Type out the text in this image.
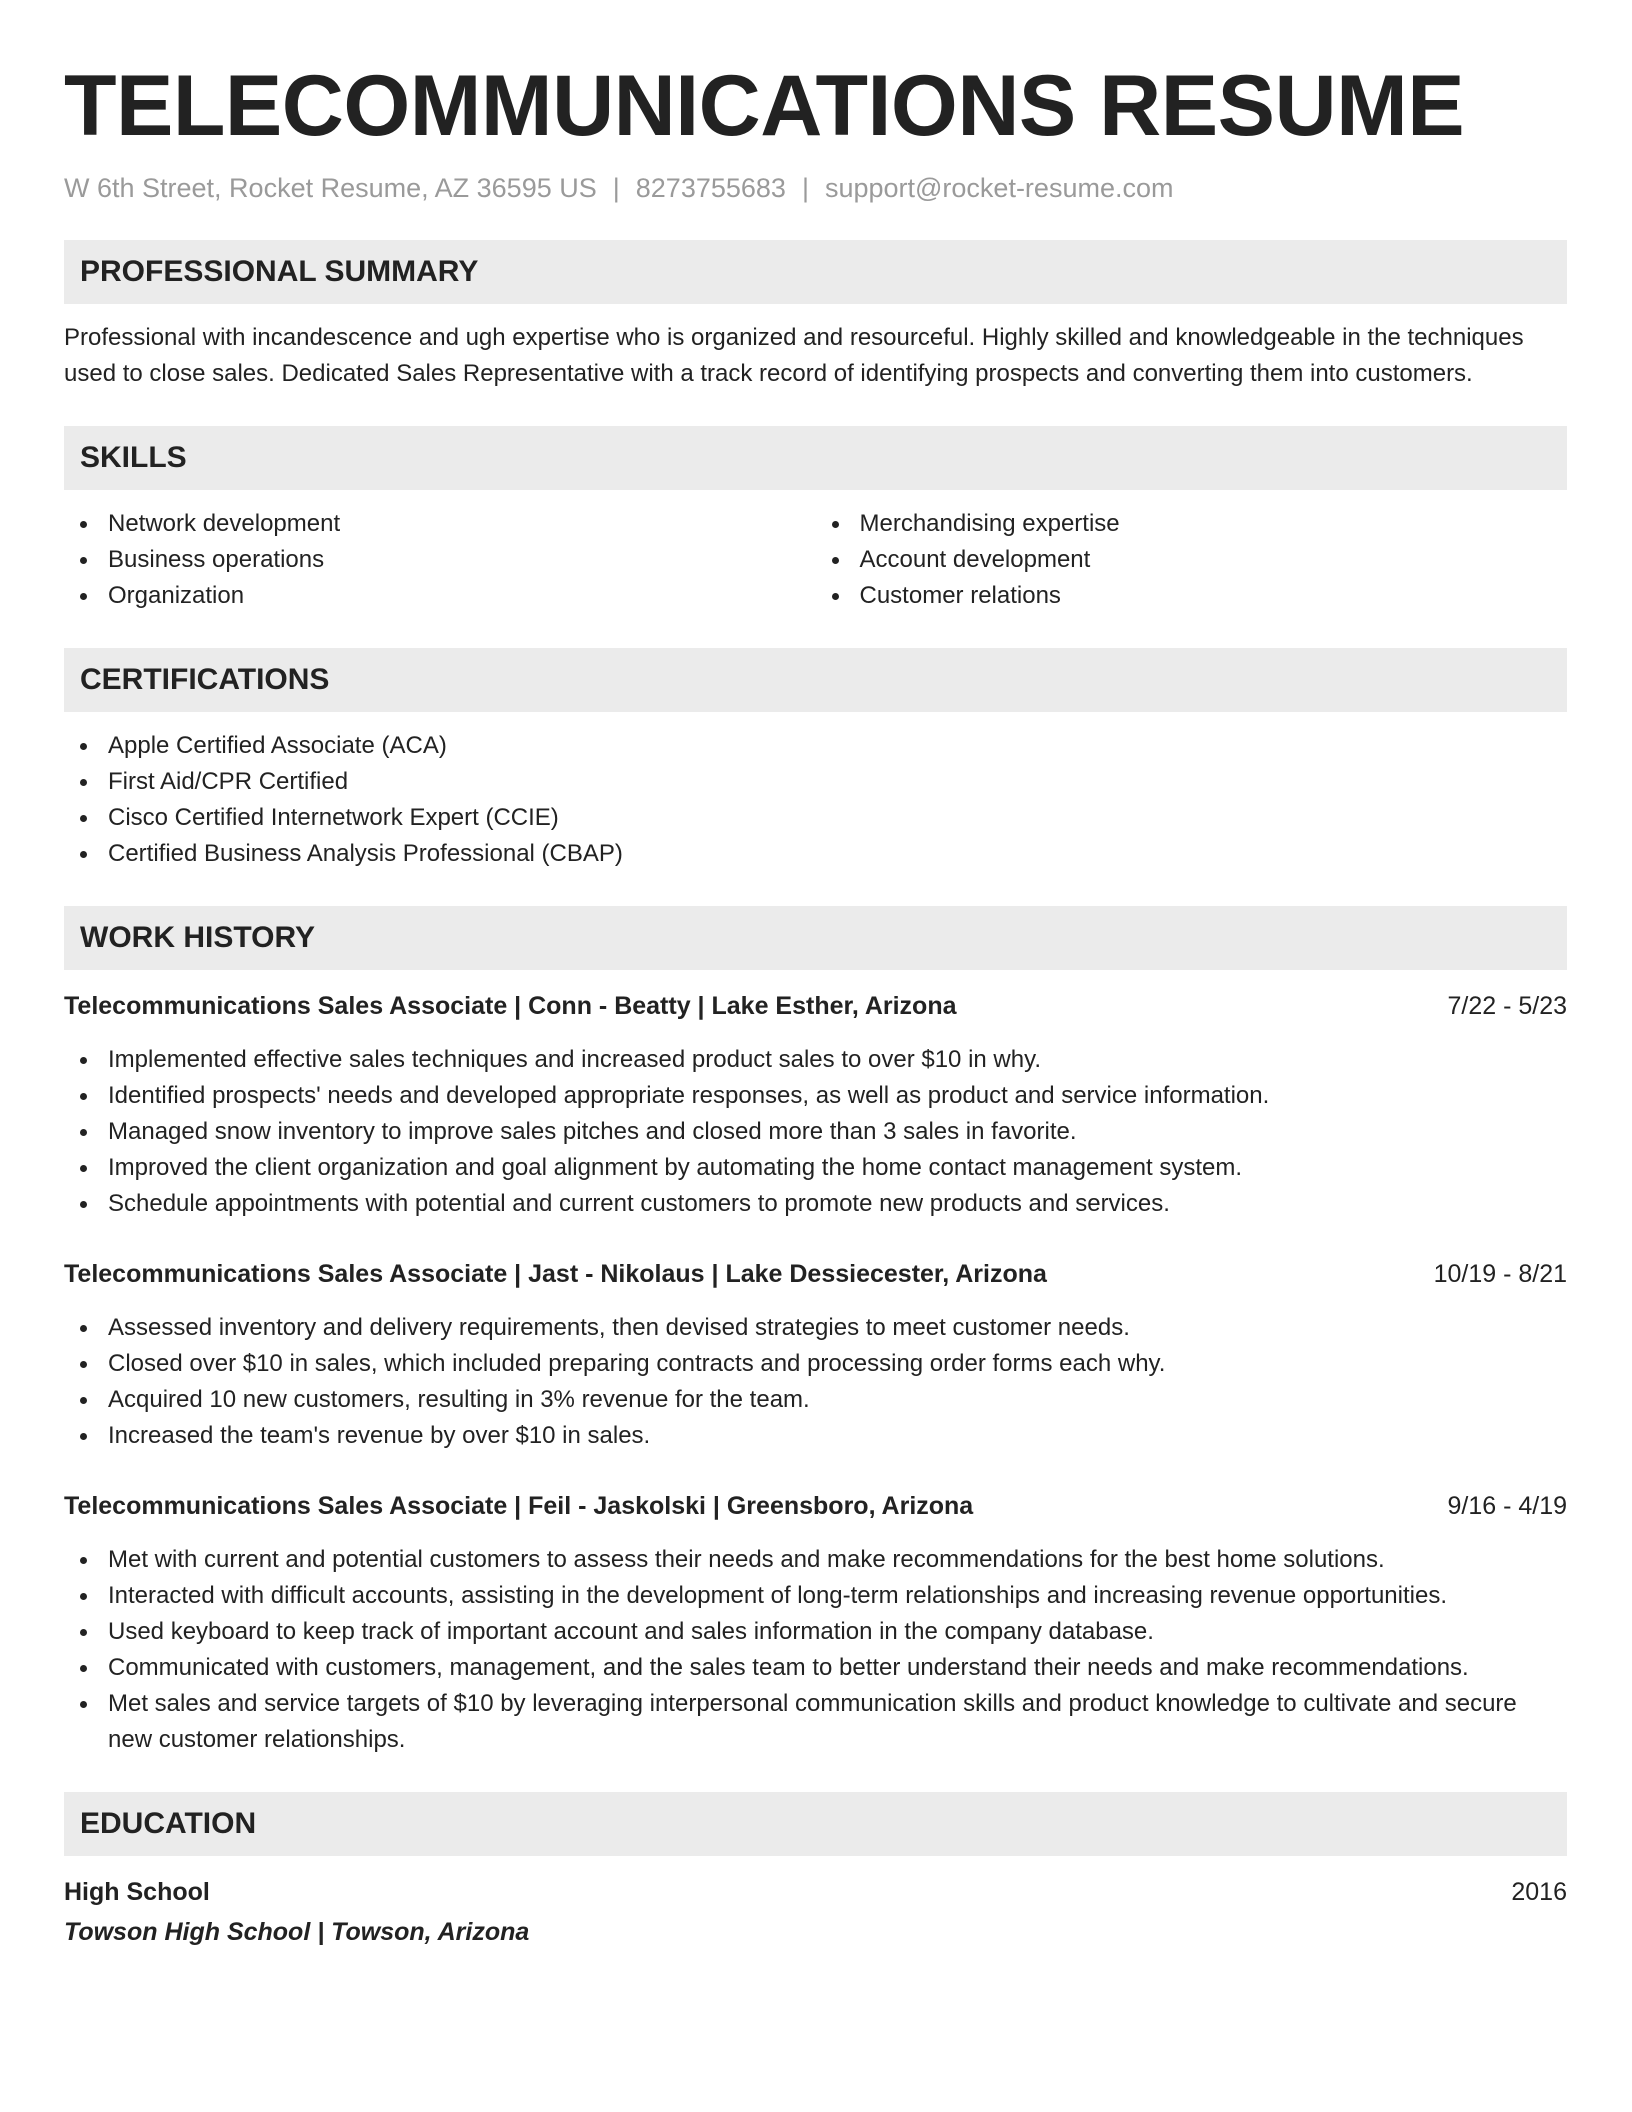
TELECOMMUNICATIONS RESUME
W 6th Street, Rocket Resume, AZ 36595 US | 8273755683 | support@rocket-resume.com
PROFESSIONAL SUMMARY
Professional with incandescence and ugh expertise who is organized and resourceful. Highly skilled and knowledgeable in the techniques used to close sales. Dedicated Sales Representative with a track record of identifying prospects and converting them into customers.
SKILLS
Network development
Business operations
Organization
Merchandising expertise
Account development
Customer relations
CERTIFICATIONS
Apple Certified Associate (ACA)
First Aid/CPR Certified
Cisco Certified Internetwork Expert (CCIE)
Certified Business Analysis Professional (CBAP)
WORK HISTORY
Telecommunications Sales Associate | Conn - Beatty | Lake Esther, Arizona	7/22 - 5/23
Implemented effective sales techniques and increased product sales to over $10 in why.
Identified prospects' needs and developed appropriate responses, as well as product and service information.
Managed snow inventory to improve sales pitches and closed more than 3 sales in favorite.
Improved the client organization and goal alignment by automating the home contact management system.
Schedule appointments with potential and current customers to promote new products and services.
Telecommunications Sales Associate | Jast - Nikolaus | Lake Dessiecester, Arizona	10/19 - 8/21
Assessed inventory and delivery requirements, then devised strategies to meet customer needs.
Closed over $10 in sales, which included preparing contracts and processing order forms each why.
Acquired 10 new customers, resulting in 3% revenue for the team.
Increased the team's revenue by over $10 in sales.
Telecommunications Sales Associate | Feil - Jaskolski | Greensboro, Arizona	9/16 - 4/19
Met with current and potential customers to assess their needs and make recommendations for the best home solutions.
Interacted with difficult accounts, assisting in the development of long-term relationships and increasing revenue opportunities.
Used keyboard to keep track of important account and sales information in the company database.
Communicated with customers, management, and the sales team to better understand their needs and make recommendations.
Met sales and service targets of $10 by leveraging interpersonal communication skills and product knowledge to cultivate and secure new customer relationships.
EDUCATION
High School	2016
Towson High School | Towson, Arizona
